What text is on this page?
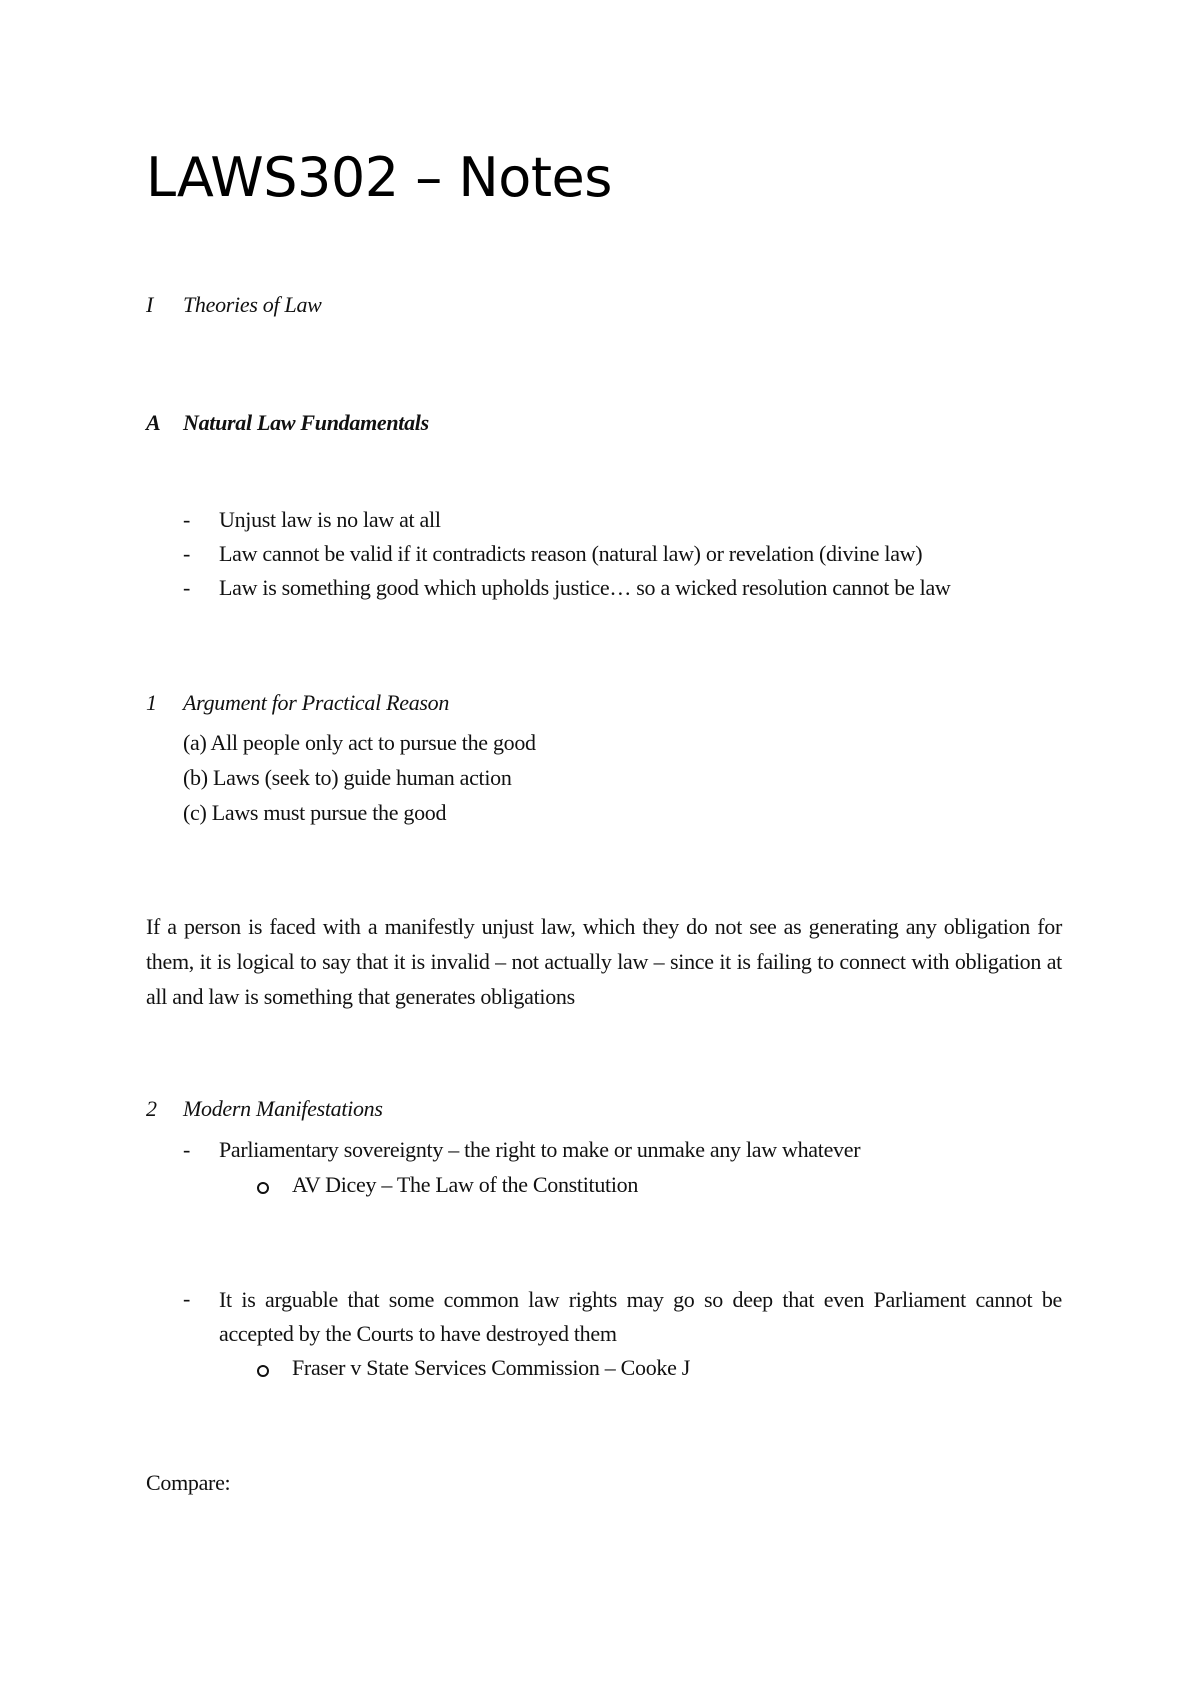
LAWS302 – Notes
I Theories of Law
A Natural Law Fundamentals
- Unjust law is no law at all
- Law cannot be valid if it contradicts reason (natural law) or revelation (divine law)
- Law is something good which upholds justice… so a wicked resolution cannot be law
1 Argument for Practical Reason
(a) All people only act to pursue the good
(b) Laws (seek to) guide human action
(c) Laws must pursue the good

If a person is faced with a manifestly unjust law, which they do not see as generating any obligation for them, it is logical to say that it is invalid – not actually law – since it is failing to connect with obligation at all and law is something that generates obligations

2 Modern Manifestations
- Parliamentary sovereignty – the right to make or unmake any law whatever
AV Dicey – The Law of the Constitution
- It is arguable that some common law rights may go so deep that even Parliament cannot be accepted by the Courts to have destroyed them

Fraser v State Services Commission – Cooke J
Compare:
